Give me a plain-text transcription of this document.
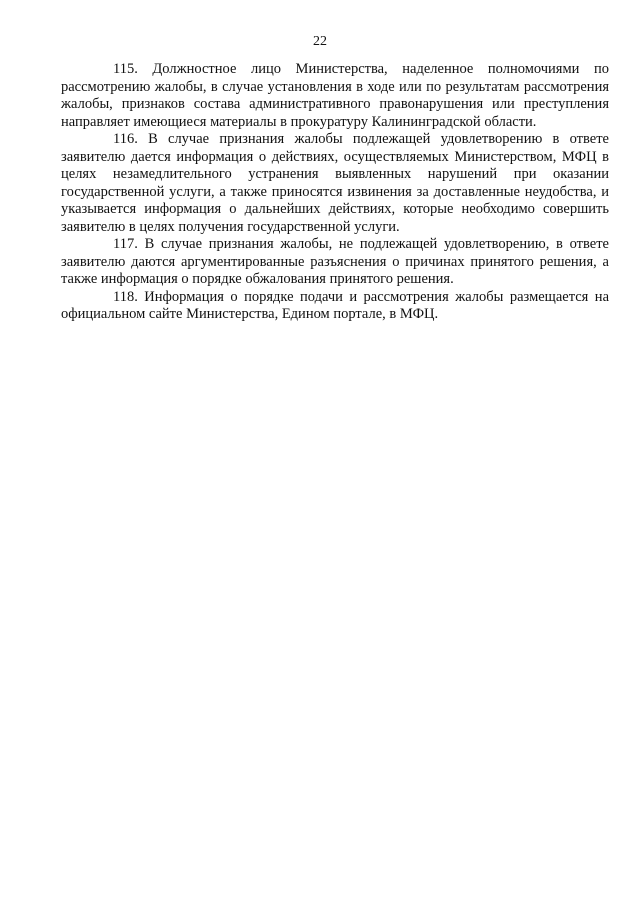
22

115. Должностное лицо Министерства, наделенное полномочиями по рассмотрению жалобы, в случае установления в ходе или по результатам рассмотрения жалобы, признаков состава административного правонарушения или преступления направляет имеющиеся материалы в прокуратуру Калининградской области.

116. В случае признания жалобы подлежащей удовлетворению в ответе заявителю дается информация о действиях, осуществляемых Министерством, МФЦ в целях незамедлительного устранения выявленных нарушений при оказании государственной услуги, а также приносятся извинения за доставленные неудобства, и указывается информация о дальнейших действиях, которые необходимо совершить заявителю в целях получения государственной услуги.

117. В случае признания жалобы, не подлежащей удовлетворению, в ответе заявителю даются аргументированные разъяснения о причинах принятого решения, а также информация о порядке обжалования принятого решения.

118. Информация о порядке подачи и рассмотрения жалобы размещается на официальном сайте Министерства, Едином портале, в МФЦ.
